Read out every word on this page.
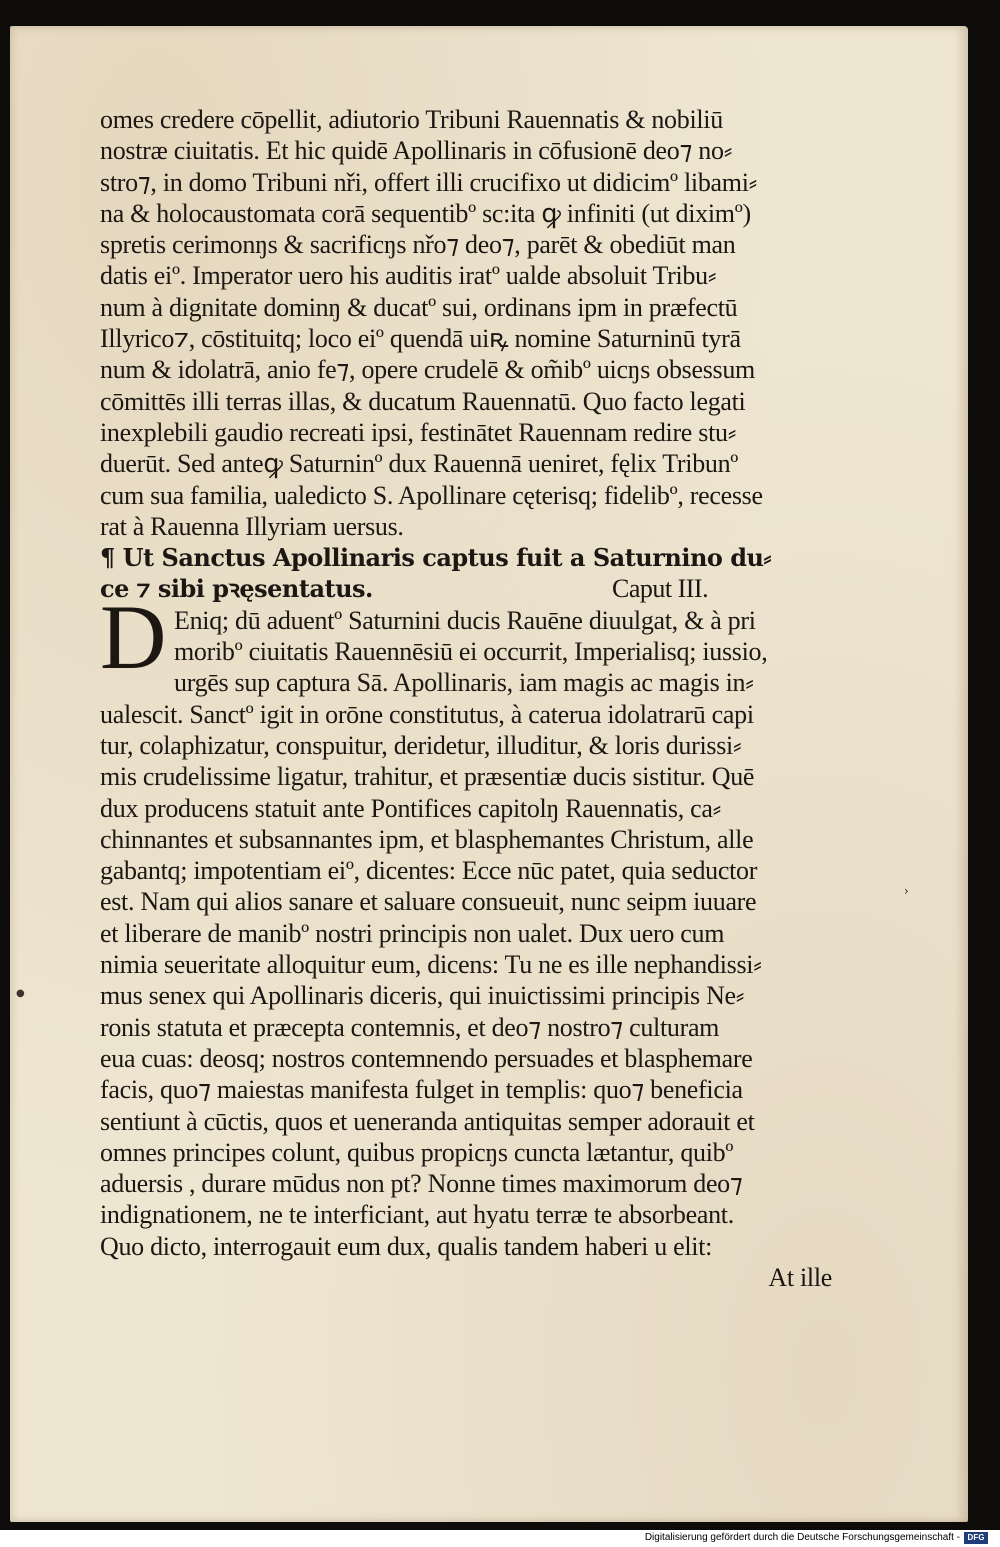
omes credere cōpellit, adiutorio Tribuni Rauennatis & nobiliū
nostræ ciuitatis. Et hic quidē Apollinaris in cōfusionē deo⁊ no⸗
stro⁊, in domo Tribuni nři, offert illi crucifixo ut didicimº libami⸗
na & holocaustomata corā sequentibº sc:ita ꝙ infiniti (ut diximº)
spretis cerimonŋs & sacrificŋs nřo⁊ deo⁊, parēt & obediūt man
datis eiº. Imperator uero his auditis iratº ualde absoluit Tribu⸗
num à dignitate dominŋ & ducatº sui, ordinans ipm in præfectū
Illyrico⁊, cōstituitq; loco eiº quendā uiꝶ nomine Saturninū tyrā
num & idolatrā, anio fe⁊, opere crudelē & om̃ibº uicŋs obsessum
cōmittēs illi terras illas, & ducatum Rauennatū. Quo facto legati
inexplebili gaudio recreati ipsi, festinātet Rauennam redire stu⸗
duerūt. Sed anteꝙ Saturninº dux Rauennā ueniret, fęlix Tribunº
cum sua familia, ualedicto S. Apollinare cęterisq; fidelibº, recesse
rat à Rauenna Illyriam uersus.
¶ Ut Sanctus Apollinaris captus fuit a Saturnino du⸗
ce ⁊ sibi pꝛęsentatus.	Caput III.
Eniq; dū aduentº Saturnini ducis Rauēne diuulgat, & à pri
moribº ciuitatis Rauennēsiū ei occurrit, Imperialisq; iussio,
urgēs sup captura Sā. Apollinaris, iam magis ac magis in⸗
ualescit. Sanctº igit in orōne constitutus, à caterua idolatrarū capi
tur, colaphizatur, conspuitur, deridetur, illuditur, & loris durissi⸗
mis crudelissime ligatur, trahitur, et præsentiæ ducis sistitur. Quē
dux producens statuit ante Pontifices capitolŋ Rauennatis, ca⸗
chinnantes et subsannantes ipm, et blasphemantes Christum, alle
gabantq; impotentiam eiº, dicentes: Ecce nūc patet, quia seductor
est. Nam qui alios sanare et saluare consueuit, nunc seipm iuuare
et liberare de manibº nostri principis non ualet. Dux uero cum
nimia seueritate alloquitur eum, dicens: Tu ne es ille nephandissi⸗
mus senex qui Apollinaris diceris, qui inuictissimi principis Ne⸗
ronis statuta et præcepta contemnis, et deo⁊ nostro⁊ culturam
eua cuas: deosq; nostros contemnendo persuades et blasphemare
facis, quo⁊ maiestas manifesta fulget in templis: quo⁊ beneficia
sentiunt à cūctis, quos et ueneranda antiquitas semper adorauit et
omnes principes colunt, quibus propicŋs cuncta lætantur, quibº
aduersis , durare mūdus non pt? Nonne times maximorum deo⁊
indignationem, ne te interficiant, aut hyatu terræ te absorbeant.
Quo dicto, interrogauit eum dux, qualis tandem haberi u elit:
At ille
D
●
›
Digitalisierung gefördert durch die Deutsche Forschungsgemeinschaft - DFG
